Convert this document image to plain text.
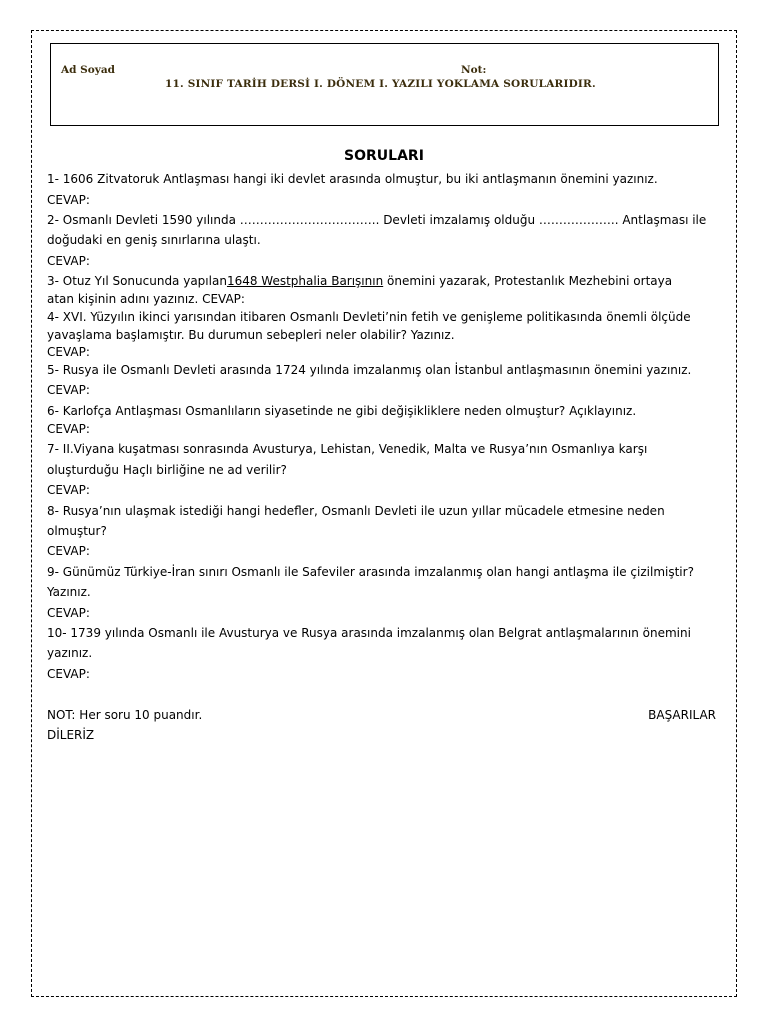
Ad Soyad	Not:
11. SINIF TARİH DERSİ I. DÖNEM I. YAZILI YOKLAMA SORULARIDIR.
SORULARI
1- 1606 Zitvatoruk Antlaşması hangi iki devlet arasında olmuştur, bu iki antlaşmanın önemini yazınız.
CEVAP:
2- Osmanlı Devleti 1590 yılında …………………………….. Devleti imzalamış olduğu ……………….. Antlaşması ile
doğudaki en geniş sınırlarına ulaştı.
CEVAP:
3- Otuz Yıl Sonucunda yapılan1648 Westphalia Barışının önemini yazarak, Protestanlık Mezhebini ortaya
atan kişinin adını yazınız. CEVAP:
4- XVI. Yüzyılın ikinci yarısından itibaren Osmanlı Devleti’nin fetih ve genişleme politikasında önemli ölçüde
yavaşlama başlamıştır. Bu durumun sebepleri neler olabilir? Yazınız.
CEVAP:
5- Rusya ile Osmanlı Devleti arasında 1724 yılında imzalanmış olan İstanbul antlaşmasının önemini yazınız.
CEVAP:
6- Karlofça Antlaşması Osmanlıların siyasetinde ne gibi değişikliklere neden olmuştur? Açıklayınız.
CEVAP:
7- II.Viyana kuşatması sonrasında Avusturya, Lehistan, Venedik, Malta ve Rusya’nın Osmanlıya karşı
oluşturduğu Haçlı birliğine ne ad verilir?
CEVAP:
8- Rusya’nın ulaşmak istediği hangi hedefler, Osmanlı Devleti ile uzun yıllar mücadele etmesine neden
olmuştur?
CEVAP:
9- Günümüz Türkiye-İran sınırı Osmanlı ile Safeviler arasında imzalanmış olan hangi antlaşma ile çizilmiştir?
Yazınız.
CEVAP:
10- 1739 yılında Osmanlı ile Avusturya ve Rusya arasında imzalanmış olan Belgrat antlaşmalarının önemini
yazınız.
CEVAP:
NOT: Her soru 10 puandır.	BAŞARILAR
DİLERİZ
